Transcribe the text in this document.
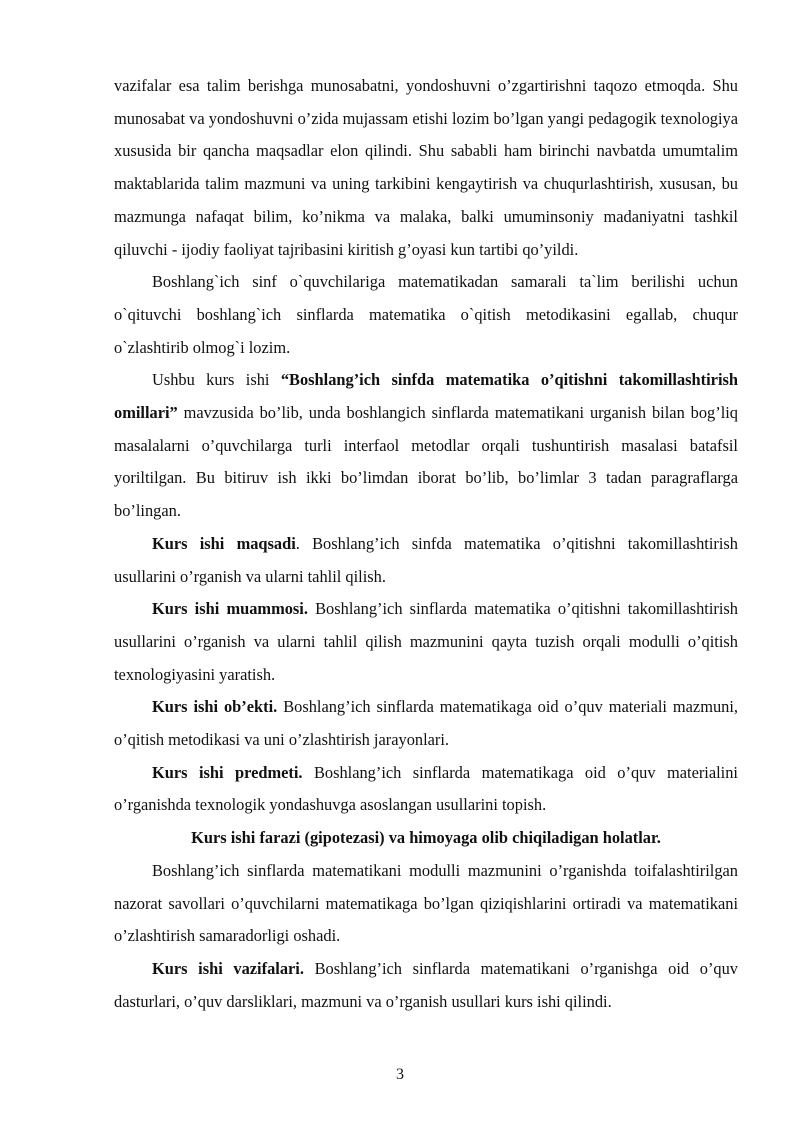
vazifalar esa talim berishga munosabatni, yondoshuvni o’zgartirishni taqozo etmoqda. Shu munosabat va yondoshuvni o’zida mujassam etishi lozim bo’lgan yangi pedagogik texnologiya xususida bir qancha maqsadlar elon qilindi. Shu sababli ham birinchi navbatda umumtalim maktablarida talim mazmuni va uning tarkibini kengaytirish va chuqurlashtirish, xususan, bu mazmunga nafaqat bilim, ko’nikma va malaka, balki umuminsoniy madaniyatni tashkil qiluvchi - ijodiy faoliyat tajribasini kiritish g’oyasi kun tartibi qo’yildi.

Boshlang`ich sinf o`quvchilariga matematikadan samarali ta`lim berilishi uchun o`qituvchi boshlang`ich sinflarda matematika o`qitish metodikasini egallab, chuqur o`zlashtirib olmog`i lozim.

Ushbu kurs ishi “Boshlang’ich sinfda matematika o’qitishni takomillashtirish omillari” mavzusida bo’lib, unda boshlangich sinflarda matematikani urganish bilan bog’liq masalalarni o’quvchilarga turli interfaol metodlar orqali tushuntirish masalasi batafsil yoriltilgan. Bu bitiruv ish ikki bo’limdan iborat bo’lib, bo’limlar 3 tadan paragraflarga bo’lingan.

Kurs ishi maqsadi. Boshlang’ich sinfda matematika o’qitishni takomillashtirish usullarini o’rganish va ularni tahlil qilish.

Kurs ishi muammosi. Boshlang’ich sinflarda matematika o’qitishni takomillashtirish usullarini o’rganish va ularni tahlil qilish mazmunini qayta tuzish orqali modulli o’qitish texnologiyasini yaratish.

Kurs ishi ob’ekti. Boshlang’ich sinflarda matematikaga oid o’quv materiali mazmuni, o’qitish metodikasi va uni o’zlashtirish jarayonlari.

Kurs ishi predmeti. Boshlang’ich sinflarda matematikaga oid o’quv materialini o’rganishda texnologik yondashuvga asoslangan usullarini topish.

Kurs ishi farazi (gipotezasi) va himoyaga olib chiqiladigan holatlar.

Boshlang’ich sinflarda matematikani modulli mazmunini o’rganishda toifalashtirilgan nazorat savollari o’quvchilarni matematikaga bo’lgan qiziqishlarini ortiradi va matematikani o’zlashtirish samaradorligi oshadi.

Kurs ishi vazifalari. Boshlang’ich sinflarda matematikani o’rganishga oid o’quv dasturlari, o’quv darsliklari, mazmuni va o’rganish usullari kurs ishi qilindi.

3
